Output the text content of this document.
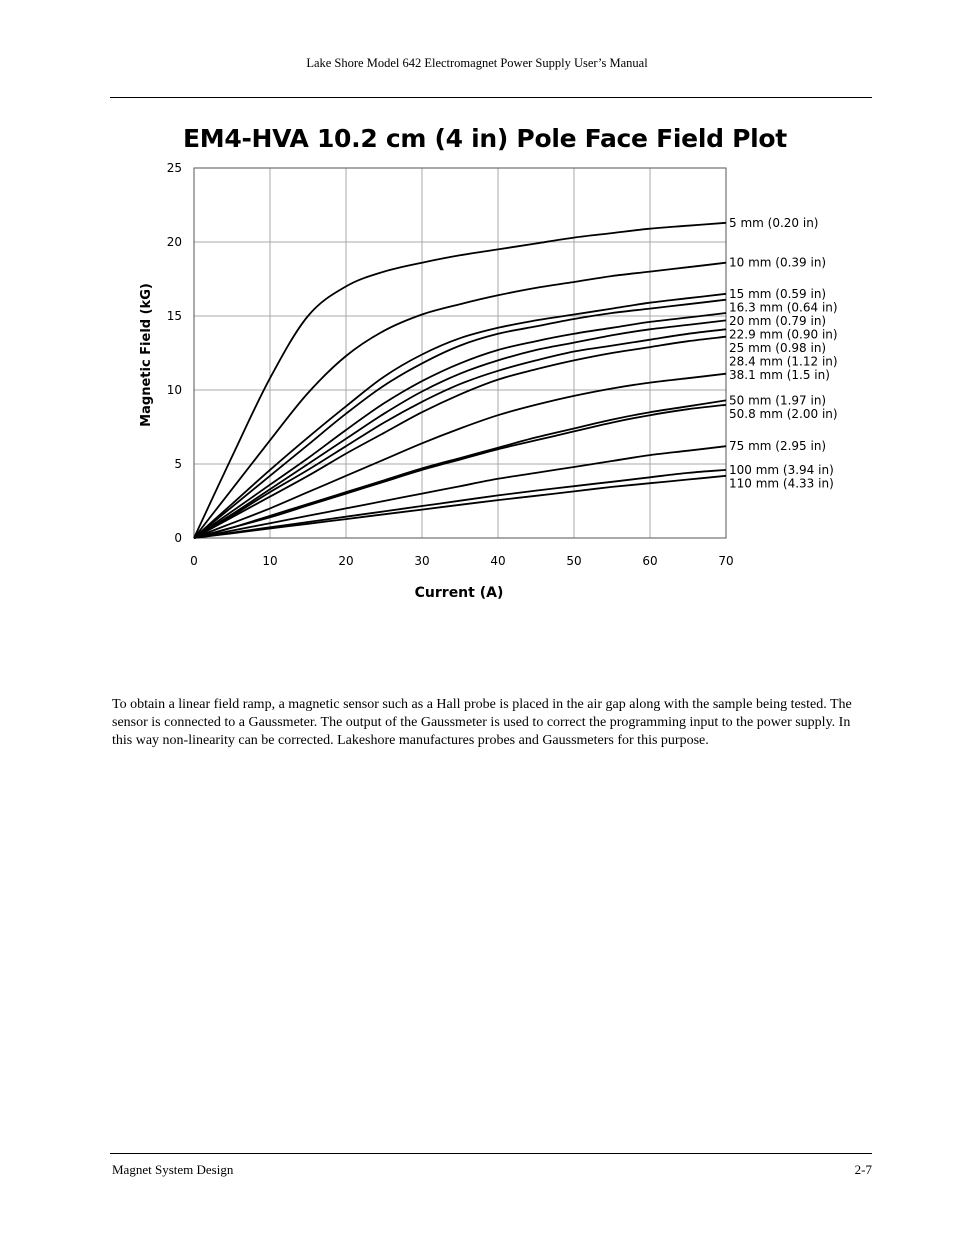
Lake Shore Model 642 Electromagnet Power Supply User’s Manual
EM4-HVA 10.2 cm (4 in) Pole Face Field Plot
0	10	20	30	40	50	60	70
0
5
10
15
20
25
5 mm (0.20 in)
10 mm (0.39 in)
15 mm (0.59 in)
16.3 mm (0.64 in)
20 mm (0.79 in)
22.9 mm (0.90 in)
25 mm (0.98 in)
28.4 mm (1.12 in)
38.1 mm (1.5 in)
50 mm (1.97 in)
50.8 mm (2.00 in)
75 mm (2.95 in)
100 mm (3.94 in)
110 mm (4.33 in)
Current (A)
Magnetic Field (kG)
To obtain a linear field ramp, a magnetic sensor such as a Hall probe is placed in the air gap along with the sample being tested. The sensor is connected to a Gaussmeter. The output of the Gaussmeter is used to correct the programming input to the power supply. In this way non-linearity can be corrected. Lakeshore manufactures probes and Gaussmeters for this purpose.
Magnet System Design	2-7
